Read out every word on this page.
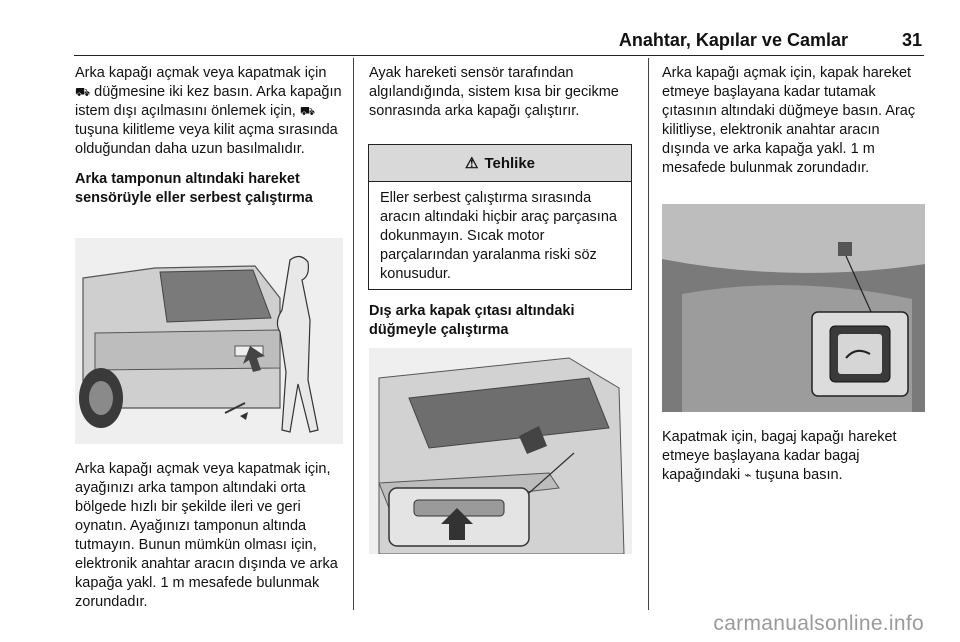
Anahtar, Kapılar ve Camlar	31

Arka kapağı açmak veya kapatmak için ⛟ düğmesine iki kez basın. Arka kapağın istem dışı açılmasını önlemek için, ⛟ tuşuna kilitleme veya kilit açma sırasında olduğundan daha uzun basılmalıdır.

Arka tamponun altındaki hareket sensörüyle eller serbest çalıştırma

Arka kapağı açmak veya kapatmak için, ayağınızı arka tampon altındaki orta bölgede hızlı bir şekilde ileri ve geri oynatın. Ayağınızı tamponun altında tutmayın. Bunun mümkün olması için, elektronik anahtar aracın dışında ve arka kapağa yakl. 1 m mesafede bulunmak zorundadır.

Ayak hareketi sensör tarafından algılandığında, sistem kısa bir gecikme sonrasında arka kapağı çalıştırır.

⚠ Tehlike
Eller serbest çalıştırma sırasında aracın altındaki hiçbir araç parçasına dokunmayın. Sıcak motor parçalarından yaralanma riski söz konusudur.

Dış arka kapak çıtası altındaki düğmeyle çalıştırma

Arka kapağı açmak için, kapak hareket etmeye başlayana kadar tutamak çıtasının altındaki düğmeye basın. Araç kilitliyse, elektronik anahtar aracın dışında ve arka kapağa yakl. 1 m mesafede bulunmak zorundadır.

Kapatmak için, bagaj kapağı hareket etmeye başlayana kadar bagaj kapağındaki ⌁ tuşuna basın.

carmanualsonline.info
